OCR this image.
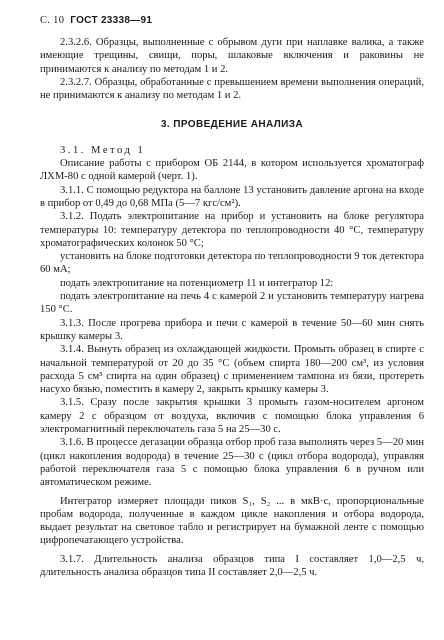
С. 10 ГОСТ 23338—91

2.3.2.6. Образцы, выполненные с обрывом дуги при наплавке валика, а также имеющие трещины, свищи, поры, шлаковые включения и раковины не принимаются к анализу по методам 1 и 2.

2.3.2.7. Образцы, обработанные с превышением времени выполнения операций, не принимаются к анализу по методам 1 и 2.

3. ПРОВЕДЕНИЕ АНАЛИЗА

3.1. Метод 1

Описание работы с прибором ОБ 2144, в котором используется хроматограф ЛХМ-80 с одной камерой (черт. 1).

3.1.1. С помощью редуктора на баллоне 13 установить давление аргона на входе в прибор от 0,49 до 0,68 МПа (5—7 кгс/см²).

3.1.2. Подать электропитание на прибор и установить на блоке регулятора температуры 10: температуру детектора по теплопроводности 40 °С, температуру хроматографических колонок 50 °С;

установить на блоке подготовки детектора по теплопроводности 9 ток детектора 60 мА;

подать электропитание на потенциометр 11 и интегратор 12:

подать электропитание на печь 4 с камерой 2 и установить температуру нагрева 150 °С.

3.1.3. После прогрева прибора и печи с камерой в течение 50—60 мин снять крышку камеры 3.

3.1.4. Вынуть образец из охлаждающей жидкости. Промыть образец в спирте с начальной температурой от 20 до 35 °С (объем спирта 180—200 см³, из условия расхода 5 см³ спирта на один образец) с применением тампона из бязи, протереть насухо бязью, поместить в камеру 2, закрыть крышку камеры 3.

3.1.5. Сразу после закрытия крышки 3 промыть газом-носителем аргоном камеру 2 с образцом от воздуха, включив с помощью блока управления 6 электромагнитный переключатель газа 5 на 25—30 с.

3.1.6. В процессе дегазации образца отбор проб газа выполнять через 5—20 мин (цикл накопления водорода) в течение 25—30 с (цикл отбора водорода), управляя работой переключателя газа 5 с помощью блока управления 6 в ручном или автоматическом режиме.

Интегратор измеряет площади пиков S₁, S₂ ... в мкВ·с, пропорциональные пробам водорода, полученные в каждом цикле накопления и отбора водорода, выдает результат на световое табло и регистрирует на бумажной ленте с помощью цифропечатающего устройства.

3.1.7. Длительность анализа образцов типа I составляет 1,0—2,5 ч, длительность анализа образцов типа II составляет 2,0—2,5 ч.
